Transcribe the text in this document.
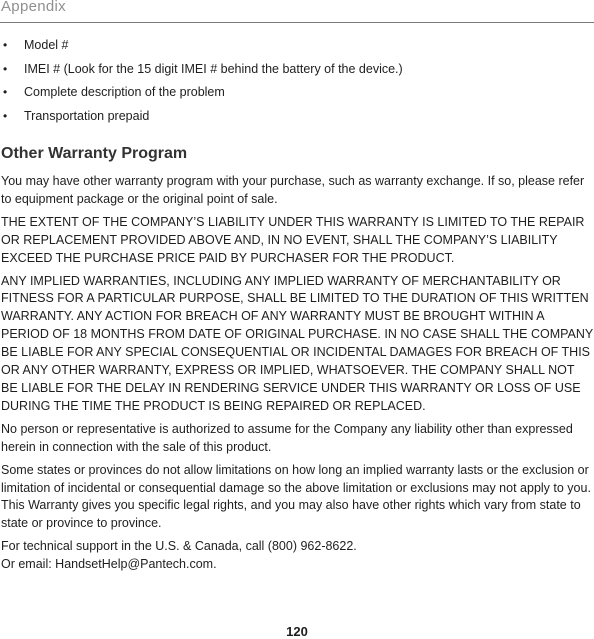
Appendix
• Model #
• IMEI # (Look for the 15 digit IMEI # behind the battery of the device.)
• Complete description of the problem
• Transportation prepaid
Other Warranty Program

You may have other warranty program with your purchase, such as warranty exchange. If so, please refer to equipment package or the original point of sale.

THE EXTENT OF THE COMPANY’S LIABILITY UNDER THIS WARRANTY IS LIMITED TO THE REPAIR OR REPLACEMENT PROVIDED ABOVE AND, IN NO EVENT, SHALL THE COMPANY’S LIABILITY EXCEED THE PURCHASE PRICE PAID BY PURCHASER FOR THE PRODUCT.

ANY IMPLIED WARRANTIES, INCLUDING ANY IMPLIED WARRANTY OF MERCHANTABILITY OR FITNESS FOR A PARTICULAR PURPOSE, SHALL BE LIMITED TO THE DURATION OF THIS WRITTEN WARRANTY. ANY ACTION FOR BREACH OF ANY WARRANTY MUST BE BROUGHT WITHIN A PERIOD OF 18 MONTHS FROM DATE OF ORIGINAL PURCHASE. IN NO CASE SHALL THE COMPANY BE LIABLE FOR ANY SPECIAL CONSEQUENTIAL OR INCIDENTAL DAMAGES FOR BREACH OF THIS OR ANY OTHER WARRANTY, EXPRESS OR IMPLIED, WHATSOEVER. THE COMPANY SHALL NOT BE LIABLE FOR THE DELAY IN RENDERING SERVICE UNDER THIS WARRANTY OR LOSS OF USE DURING THE TIME THE PRODUCT IS BEING REPAIRED OR REPLACED.

No person or representative is authorized to assume for the Company any liability other than expressed herein in connection with the sale of this product.

Some states or provinces do not allow limitations on how long an implied warranty lasts or the exclusion or limitation of incidental or consequential damage so the above limitation or exclusions may not apply to you. This Warranty gives you specific legal rights, and you may also have other rights which vary from state to state or province to province.

For technical support in the U.S. & Canada, call (800) 962-8622.
Or email: HandsetHelp@Pantech.com.

120
